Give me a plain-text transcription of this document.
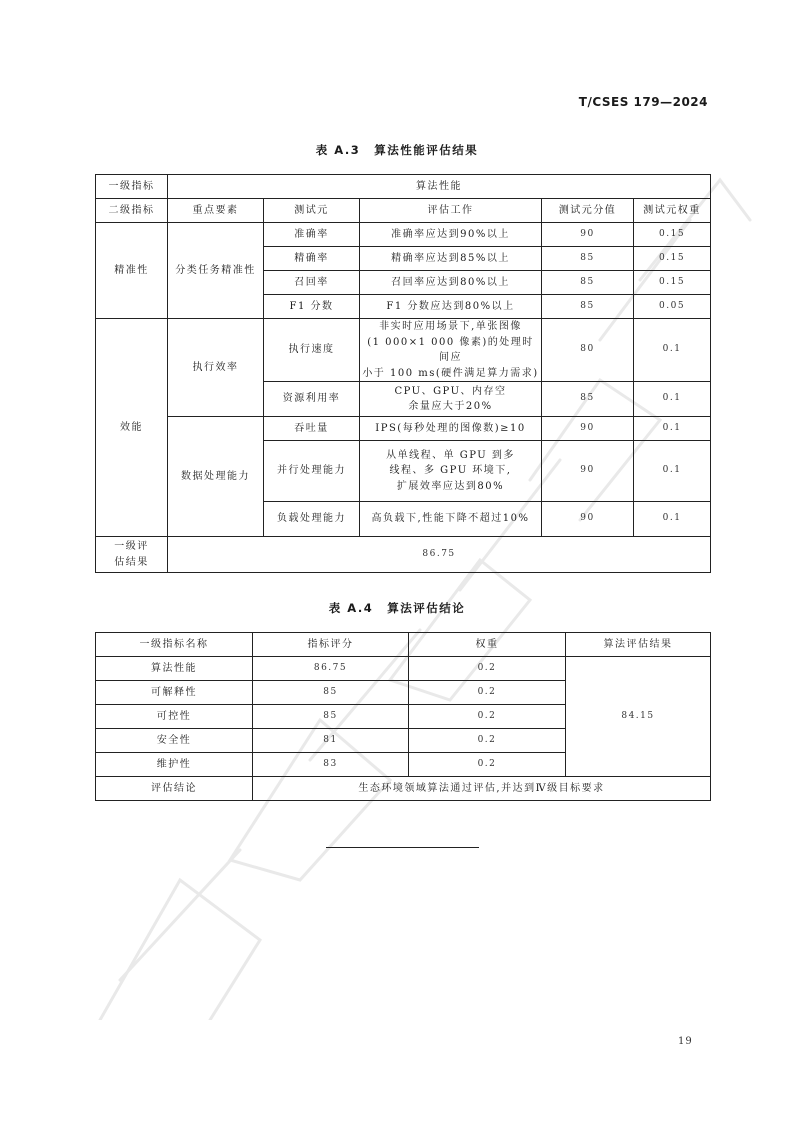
T/CSES 179—2024
表 A.3 算法性能评估结果
一级指标	算法性能				
二级指标	重点要素	测试元	评估工作	测试元分值	测试元权重
精准性	分类任务精准性	准确率	准确率应达到90%以上	90	0.15
		精确率	精确率应达到85%以上	85	0.15
		召回率	召回率应达到80%以上	85	0.15
		F1 分数	F1 分数应达到80%以上	85	0.05
效能	执行效率	执行速度	非实时应用场景下,单张图像
(1 000×1 000 像素)的处理时间应
小于 100 ms(硬件满足算力需求)	80	0.1
		资源利用率	CPU、GPU、内存空
余量应大于20%	85	0.1
	数据处理能力	吞吐量	IPS(每秒处理的图像数)≥10	90	0.1
		并行处理能力	从单线程、单 GPU 到多
线程、多 GPU 环境下,
扩展效率应达到80%	90	0.1
		负载处理能力	高负载下,性能下降不超过10%	90	0.1

一级评
估结果	86.75				
表 A.4 算法评估结论
一级指标名称	指标评分	权重	算法评估结果
算法性能	86.75	0.2	84.15
可解释性	85	0.2	
可控性	85	0.2	
安全性	81	0.2	
维护性	83	0.2	
评估结论	生态环境领域算法通过评估,并达到Ⅳ级目标要求		
19
